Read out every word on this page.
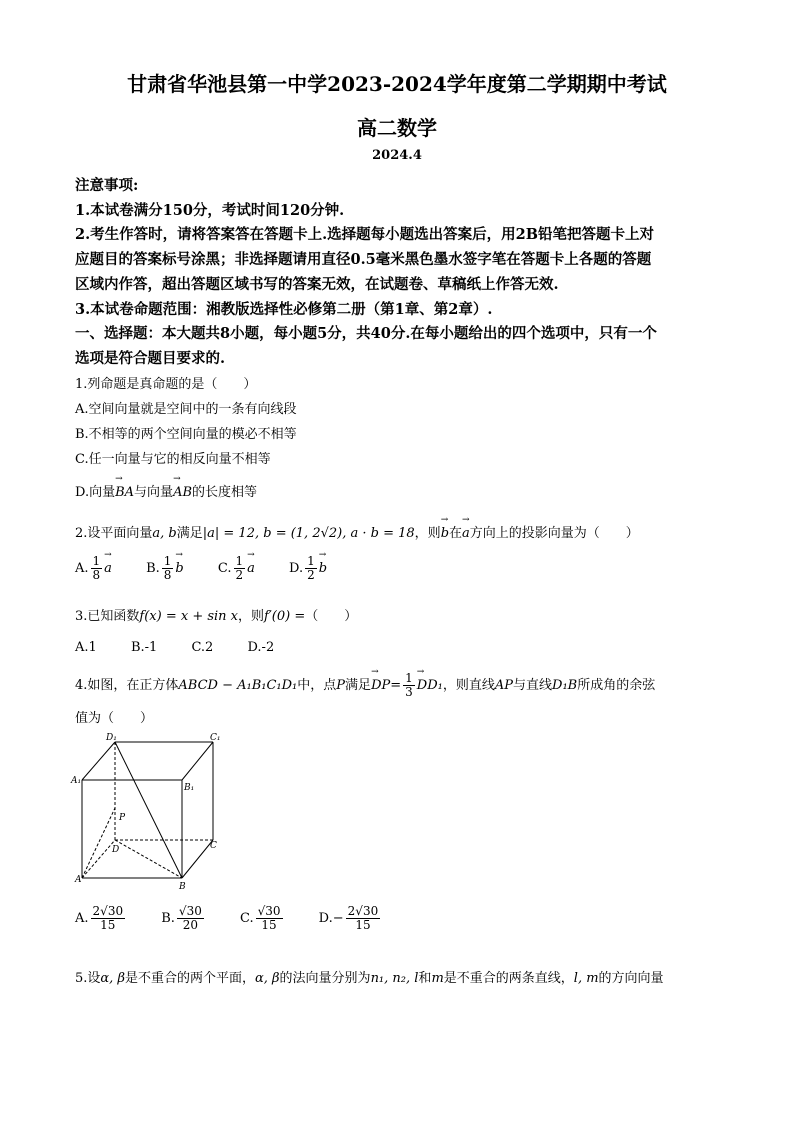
甘肃省华池县第一中学2023-2024学年度第二学期期中考试
高二数学
2024.4
注意事项:
1.本试卷满分150分，考试时间120分钟.
2.考生作答时，请将答案答在答题卡上.选择题每小题选出答案后，用2B铅笔把答题卡上对
应题目的答案标号涂黑；非选择题请用直径0.5毫米黑色墨水签字笔在答题卡上各题的答题
区域内作答，超出答题区域书写的答案无效，在试题卷、草稿纸上作答无效.
3.本试卷命题范围：湘教版选择性必修第二册（第1章、第2章）.
一、选择题：本大题共8小题，每小题5分，共40分.在每小题给出的四个选项中，只有一个
选项是符合题目要求的.
1.列命题是真命题的是（　　）
A.空间向量就是空间中的一条有向线段
B.不相等的两个空间向量的模必不相等
C.任一向量与它的相反向量不相等
D.向量→ BA与向量→ AB的长度相等
2.设平面向量a, b满足|a| = 12, b = (1, 2√2), a · b = 18，则→ b在→ a方向上的投影向量为（　　）
A. $\frac{1}{8}$
→ a	B. $\frac{1}{8}$
→ b	C. $\frac{1}{2}$
→ a	D. $\frac{1}{2}$
→ b
3.已知函数f(x) = x + sin x，则f′(0) =（　　）
A.1	B.-1	C.2	D.-2
4.如图，在正方体ABCD − A₁B₁C₁D₁中，点P满足→ $DP= \frac{1}{3}$
→ DD₁，则直线AP与直线D₁B所成角的余弦
值为（　　）
D₁	C₁
A₁
B₁
P
D	C
A
B
A. $\frac{2√30}{15}$	B. $\frac{√30}{20}$	C. $\frac{√30}{15}$	$D.- \frac{2√30}{15}$
5.设α, β是不重合的两个平面，α, β的法向量分别为n₁, n₂, l和m是不重合的两条直线，l, m的方向向量
